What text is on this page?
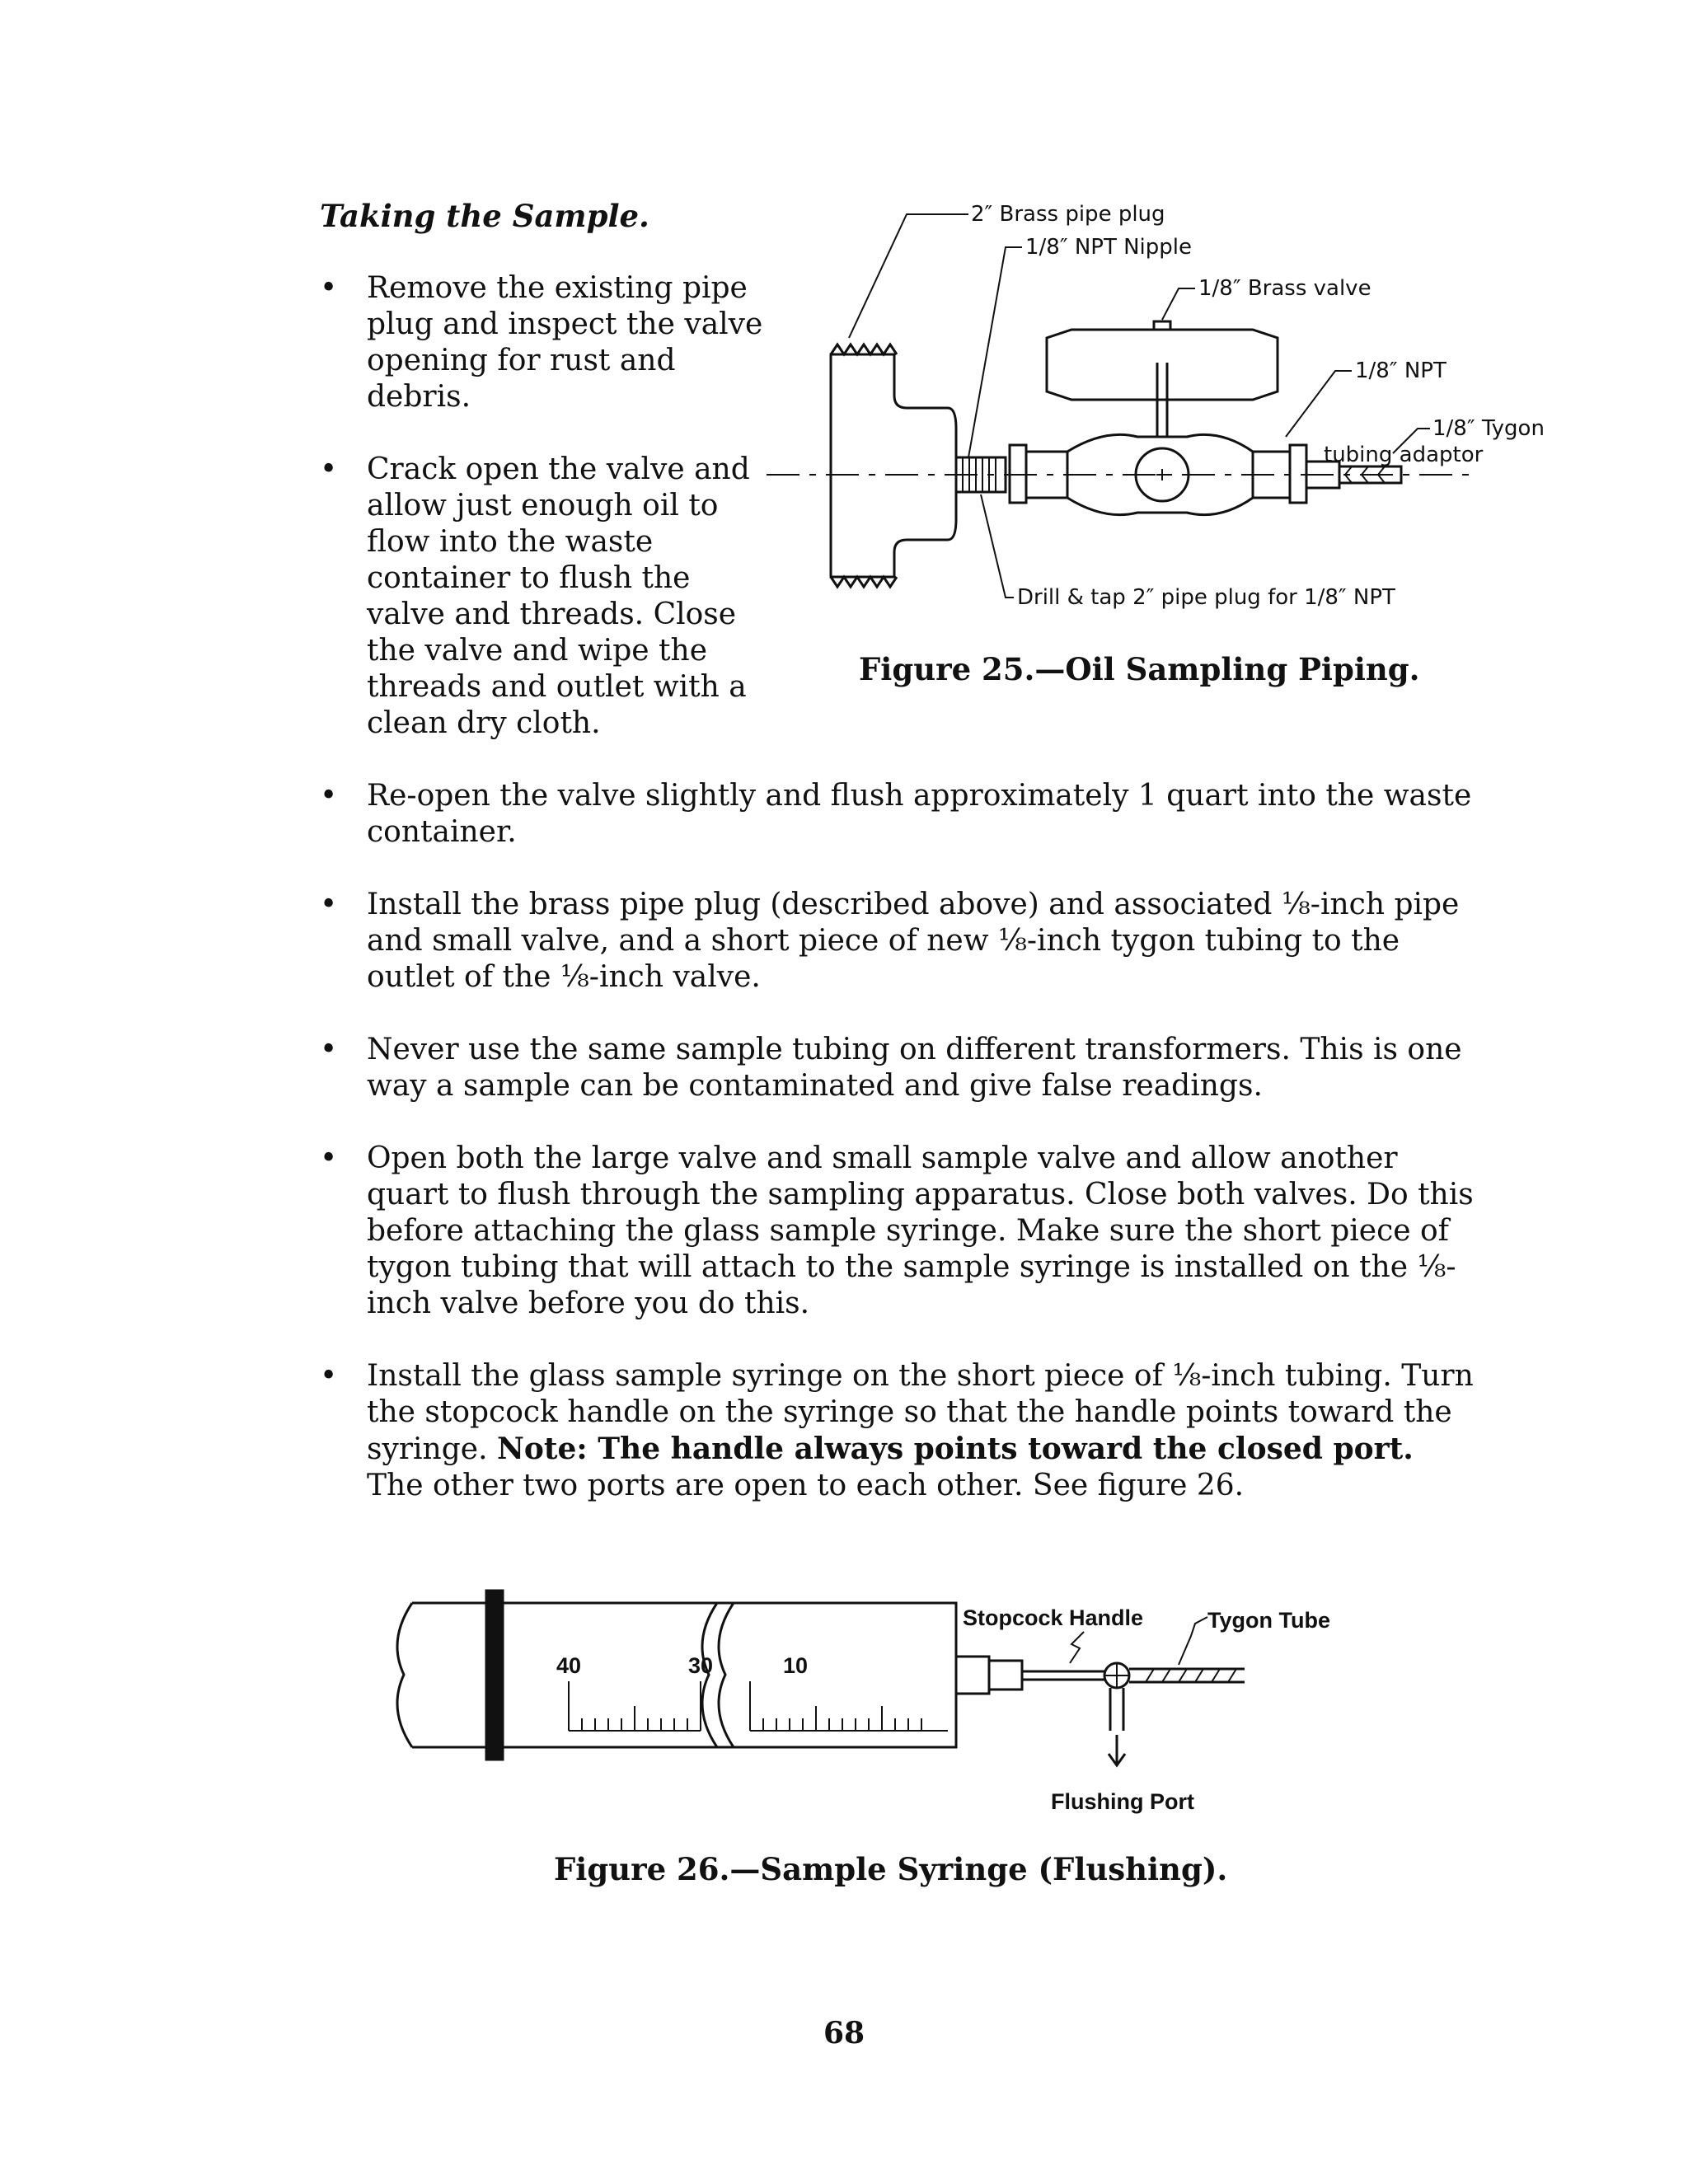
Taking the Sample.
• Remove the existing pipe plug and inspect the valve opening for rust and debris.
• Crack open the valve and allow just enough oil to flow into the waste container to flush the valve and threads. Close the valve and wipe the threads and outlet with a clean dry cloth.
2″ Brass pipe plug
1/8″ NPT Nipple
1/8″ Brass valve
1/8″ NPT
1/8″ Tygon
tubing adaptor
Drill & tap 2″ pipe plug for 1/8″ NPT
Figure 25.—Oil Sampling Piping.
• Re-open the valve slightly and flush approximately 1 quart into the waste container.
• Install the brass pipe plug (described above) and associated ⅛-inch pipe and small valve, and a short piece of new ⅛-inch tygon tubing to the outlet of the ⅛-inch valve.
• Never use the same sample tubing on different transformers. This is one way a sample can be contaminated and give false readings.
• Open both the large valve and small sample valve and allow another quart to flush through the sampling apparatus. Close both valves. Do this before attaching the glass sample syringe. Make sure the short piece of tygon tubing that will attach to the sample syringe is installed on the ⅛-inch valve before you do this.
• Install the glass sample syringe on the short piece of ⅛-inch tubing. Turn the stopcock handle on the syringe so that the handle points toward the syringe. Note: The handle always points toward the closed port. The other two ports are open to each other. See figure 26.
40	30	10
Stopcock Handle	Tygon Tube
Flushing Port
Figure 26.—Sample Syringe (Flushing).
68
